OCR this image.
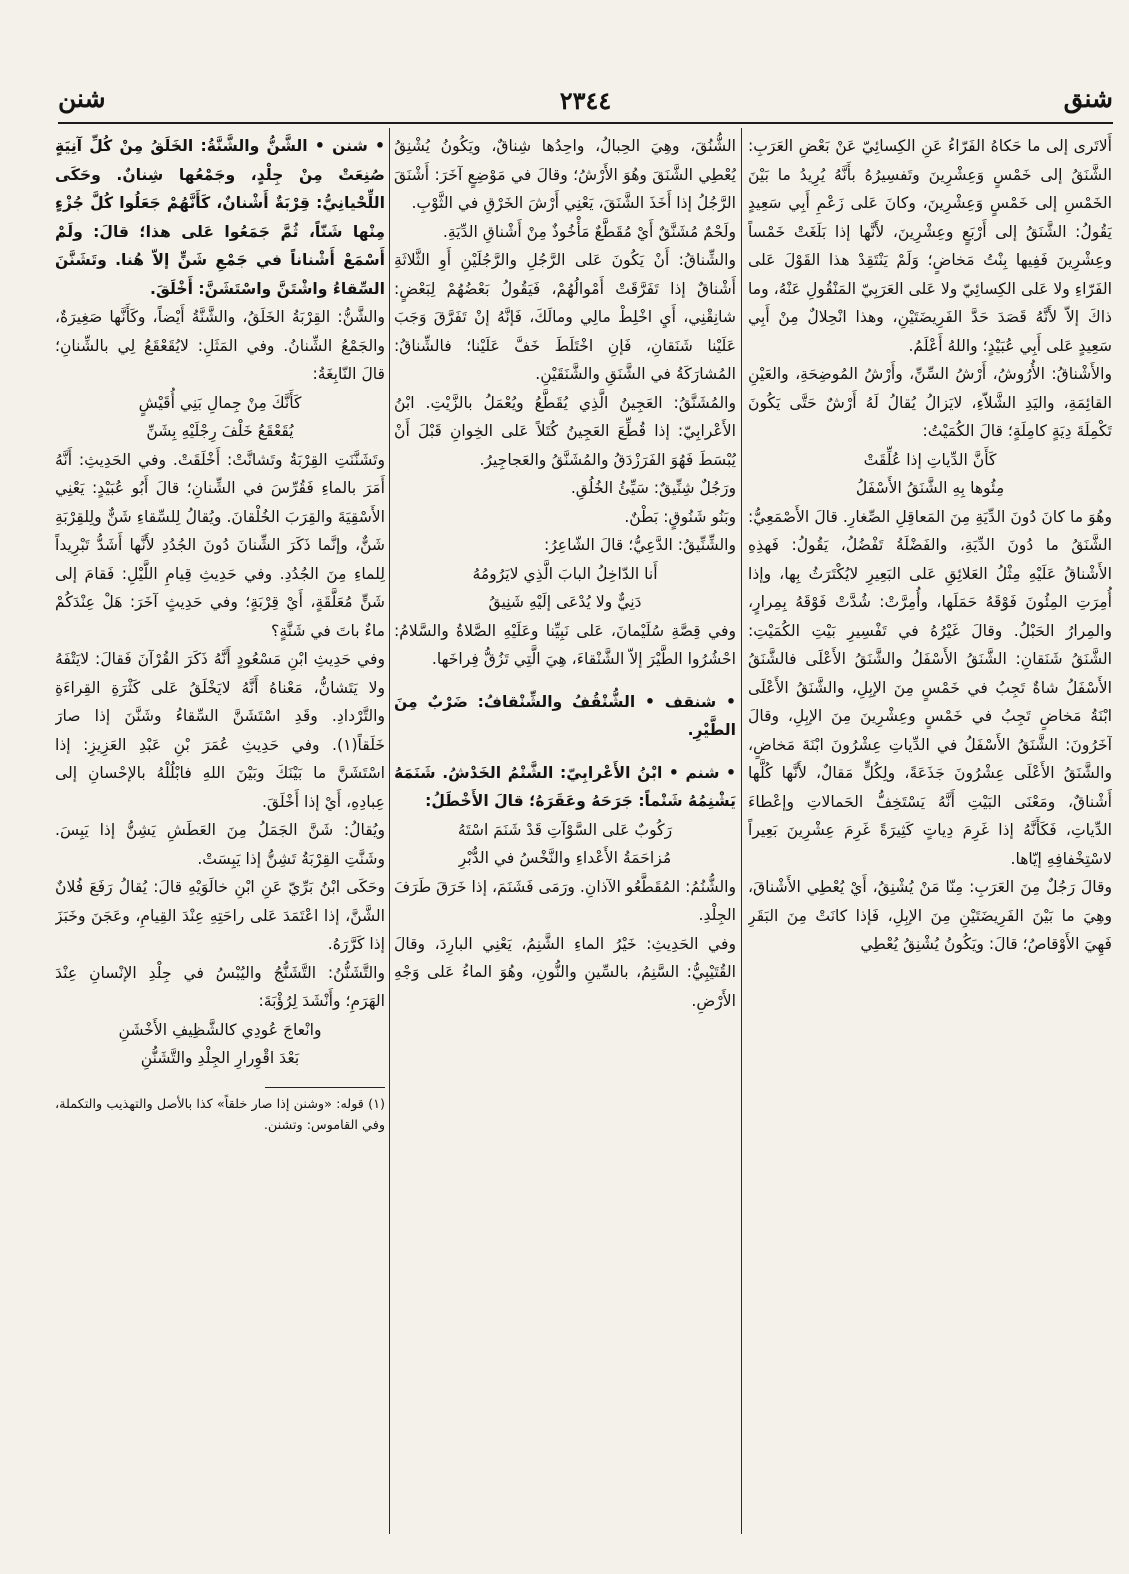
شنق
٢٣٤٤
شنن

أَلاتَرى إلى ما حَكاهُ الفَرّاءُ عَنِ الكِسائِيّ عَنْ بَعْضِ العَرَبِ: الشَّنَقُ إلى خَمْسٍ وَعِشْرِينَ وتَفسِيرُهُ بأَنَّهُ يُرِيدُ ما بَيْنَ الخَمْسِ إلى خَمْسٍ وَعِشْرِينَ، وكانَ عَلى زَعْمِ أَبِي سَعِيدٍ يَقُولُ: الشَّنَقُ إلى أَرْبَعٍ وعِشْرِينَ، لأَنَّها إذا بَلَغَتْ خَمْساً وعِشْرِينَ فَفِيها بِنْتُ مَخاضٍ؛ وَلَمْ يَنْتَقِدْ هذا القَوْلَ عَلى الفَرّاءِ ولا عَلى الكِسائِيّ ولا عَلى العَرَبِيّ المَنْقُولِ عَنْهُ، وما ذاكَ إلاّ لأَنَّهُ قَصَدَ حَدَّ الفَرِيضَتَيْنِ، وهذا انْحِلالٌ مِنْ أَبِي سَعِيدٍ عَلى أَبِي عُبَيْدٍ؛ واللهُ أَعْلَمُ.

والأَشْناقُ: الأُرُوشُ، أَرْشُ السِّنِّ، وأَرْشُ المُوضِحَةِ، والعَيْنِ القائِمَةِ، واليَدِ الشَّلاّءِ، لايَزالُ يُقالُ لَهُ أَرْشٌ حَتَّى يَكُونَ تَكْمِلَةَ دِيَةٍ كامِلَةٍ؛ قالَ الكُمَيْتُ:

كَأَنَّ الدِّياتِ إذا عُلِّقَتْ

مِئُوها بِهِ الشَّنَقُ الأَسْفَلُ

وهُوَ ما كانَ دُونَ الدِّيَةِ مِنَ المَعاقِلِ الصِّغارِ. قالَ الأَصْمَعِيُّ: الشَّنَقُ ما دُونَ الدِّيَةِ، والفَضْلَةُ تَفْضُلُ، يَقُولُ: فَهذِهِ الأَشْناقُ عَلَيْهِ مِثْلُ العَلائِقِ عَلى البَعِيرِ لايُكْتَرَثُ بِها، وإذا أُمِرَتِ المِئُونَ فَوْقَهُ حَمَلَها، وأُمِرَّتْ: شُدَّتْ فَوْقَهُ بِمِرارٍ، والمِرارُ الحَبْلُ. وقالَ غَيْرُهُ في تَفْسِيرِ بَيْتِ الكُمَيْتِ: الشَّنَقُ شَنَقانِ: الشَّنَقُ الأَسْفَلُ والشَّنَقُ الأَعْلَى فالشَّنَقُ الأَسْفَلُ شاةٌ تَجِبُ في خَمْسٍ مِنَ الإبِلِ، والشَّنَقُ الأَعْلَى ابْنَةُ مَخاضٍ تَجِبُ في خَمْسٍ وعِشْرِينَ مِنَ الإبِلِ، وقالَ آخَرُونَ: الشَّنَقُ الأَسْفَلُ في الدِّياتِ عِشْرُونَ ابْنَةَ مَخاضٍ، والشَّنَقُ الأَعْلَى عِشْرُونَ جَذَعَةً، ولِكُلٍّ مَقالٌ، لأَنَّها كُلَّها أَشْناقٌ، ومَعْنَى البَيْتِ أَنَّهُ يَسْتَخِفُّ الحَمالاتِ وإعْطاءَ الدِّياتِ، فَكَأَنَّهُ إذا غَرِمَ دِياتٍ كَثِيرَةً غَرِمَ عِشْرِينَ بَعِيراً لاسْتِخْفافِهِ إيّاها.

وقالَ رَجُلٌ مِنَ العَرَبِ: مِنّا مَنْ يُشْنِقُ، أَيْ يُعْطِي الأَشْناقَ، وهِيَ ما بَيْنَ الفَرِيضَتَيْنِ مِنَ الإبِلِ، فَإذا كانَتْ مِنَ البَقَرِ فَهِيَ الأَوْقاصُ؛ قالَ: ويَكُونُ يُشْنِقُ يُعْطِي

الشُّنُقَ، وهِيَ الحِبالُ، واحِدُها شِناقٌ، ويَكُونُ يُشْنِقُ يُعْطِي الشَّنَقَ وهُوَ الأَرْشُ؛ وقالَ في مَوْضِعٍ آخَرَ: أَشْنَقَ الرَّجُلُ إذا أَخَذَ الشَّنَقَ، يَعْنِي أَرْشَ الخَرْقِ في الثَّوْبِ.

ولَحْمٌ مُشَنَّقٌ أَيْ مُقَطَّعٌ مَأْخُوذٌ مِنْ أَشْناقِ الدِّيَةِ.

والشِّناقُ: أَنْ يَكُونَ عَلى الرَّجُلِ والرَّجُلَيْنِ أَوِ الثَّلاثَةِ أَشْناقٌ إذا تَفَرَّقَتْ أَمْوالُهُمْ، فَيَقُولُ بَعْضُهُمْ لِبَعْضٍ: شانِقْنِي، أَيِ اخْلِطْ مالِي ومالَكَ، فَإنَّهُ إنْ تَفَرَّقَ وَجَبَ عَلَيْنا شَنَقانِ، فَإنِ اخْتَلَطَ خَفَّ عَلَيْنا؛ فالشِّناقُ: المُشارَكَةُ في الشَّنَقِ والشَّنَقَيْنِ.

والمُشَنَّقُ: العَجِينُ الَّذِي يُقَطَّعُ ويُعْمَلُ بالزَّيْتِ. ابْنُ الأَعْرابِيّ: إذا قُطِّعَ العَجِينُ كُتَلاً عَلى الخِوانِ قَبْلَ أَنْ يُبْسَطَ فَهُوَ الفَرَزْدَقُ والمُشَنَّقُ والعَجاجِيرُ.

ورَجُلٌ شِنِّيقٌ: سَيِّئُ الخُلُقِ.

وبَنُو شَنُوقٍ: بَطْنٌ.

والشِّنِّيقُ: الدَّعِيُّ؛ قالَ الشّاعِرُ:

أَنا الدّاخِلُ البابَ الَّذِي لايَرُومُهُ

دَنِيٌّ ولا يُدْعَى إلَيْهِ شَنِيقُ

وفي قِصَّةِ سُلَيْمانَ، عَلى نَبِيِّنا وعَلَيْهِ الصَّلاةُ والسَّلامُ: احْشُرُوا الطَّيْرَ إلاّ الشَّنْقاءَ، هِيَ الَّتِي تَزُقُّ فِراخَها.

• شنقف • الشُّنْقُفُ والشِّنْقافُ: ضَرْبٌ مِنَ الطَّيْرِ.

• شنم • ابْنُ الأَعْرابِيّ: الشَّنْمُ الخَدْشُ. شَنَمَهُ يَشْنِمُهُ شَنْماً: جَرَحَهُ وعَقَرَهُ؛ قالَ الأَخْطَلُ:

رَكُوبٌ عَلى السَّوْآتِ قَدْ شَنَمَ اسْتَهُ

مُزاحَمَةُ الأَعْداءِ والنَّخْسُ في الدُّبْرِ

والشُّنُمُ: المُقَطَّعُو الآذانِ. ورَمَى فَشَنَمَ، إذا خَرَقَ طَرَفَ الجِلْدِ.

وفي الحَدِيثِ: خَيْرُ الماءِ الشَّنِمُ، يَعْنِي البارِدَ، وقالَ القُتَيْبِيُّ: السَّنِمُ، بالسِّينِ والنُّونِ، وهُوَ الماءُ عَلى وَجْهِ الأَرْضِ.

• شنن • الشَّنُّ والشَّنَّةُ: الخَلَقُ مِنْ كُلِّ آنِيَةٍ صُنِعَتْ مِنْ جِلْدٍ، وجَمْعُها شِنانٌ. وحَكَى اللِّحْيانِيُّ: قِرْبَةٌ أَشْنانٌ، كَأَنَّهُمْ جَعَلُوا كُلَّ جُزْءٍ مِنْها شَنّاً، ثُمَّ جَمَعُوا عَلى هذا؛ قالَ: ولَمْ أَسْمَعْ أَشْناناً في جَمْعِ شَنٍّ إلاّ هُنا. وتَشَنَّنَ السِّقاءُ واشْتَنَّ واسْتَشَنَّ: أَخْلَقَ.

والشَّنُّ: القِرْبَةُ الخَلَقُ، والشَّنَّةُ أَيْضاً، وكَأَنَّها صَغِيرَةٌ، والجَمْعُ الشِّنانُ. وفي المَثَلِ: لايُقَعْقَعُ لِي بالشِّنانِ؛ قالَ النّابِغَةُ:

كَأَنَّكَ مِنْ جِمالِ بَنِي أُقَيْشٍ

يُقَعْقَعُ خَلْفَ رِجْلَيْهِ بِشَنِّ

وتَشَنَّنَتِ القِرْبَةُ وتَشانَّتْ: أَخْلَقَتْ. وفي الحَدِيثِ: أَنَّهُ أَمَرَ بالماءِ فَقُرِّسَ في الشِّنانِ؛ قالَ أَبُو عُبَيْدٍ: يَعْنِي الأَسْقِيَةَ والقِرَبَ الخُلْقانَ. ويُقالُ لِلسِّقاءِ شَنٌّ ولِلقِرْبَةِ شَنٌّ، وإنَّما ذَكَرَ الشِّنانَ دُونَ الجُدُدِ لأَنَّها أَشَدُّ تَبْرِيداً لِلماءِ مِنَ الجُدُدِ. وفي حَدِيثِ قِيامِ اللَّيْلِ: فَقامَ إلى شَنٍّ مُعَلَّقَةٍ، أَيْ قِرْبَةٍ؛ وفي حَدِيثٍ آخَرَ: هَلْ عِنْدَكُمْ ماءٌ باتَ في شَنَّةٍ؟

وفي حَدِيثِ ابْنِ مَسْعُودٍ أَنَّهُ ذَكَرَ القُرْآنَ فَقالَ: لايَتْفَهُ ولا يَتَشانُّ، مَعْناهُ أَنَّهُ لايَخْلَقُ عَلى كَثْرَةِ القِراءَةِ والتَّرْدادِ. وقَدِ اسْتَشَنَّ السِّقاءُ وشَنَّنَ إذا صارَ خَلَقاً(١). وفي حَدِيثِ عُمَرَ بْنِ عَبْدِ العَزِيزِ: إذا اسْتَشَنَّ ما بَيْنَكَ وبَيْنَ اللهِ فابْلُلْهُ بالإحْسانِ إلى عِبادِهِ، أَيْ إذا أَخْلَقَ.

ويُقالُ: شَنَّ الجَمَلُ مِنَ العَطَشِ يَشِنُّ إذا يَبِسَ. وشَنَّتِ القِرْبَةُ تَشِنُّ إذا يَبِسَتْ.

وحَكَى ابْنُ بَرِّيّ عَنِ ابْنِ خالَوَيْهِ قالَ: يُقالُ رَفَعَ فُلانٌ الشَّنَّ، إذا اعْتَمَدَ عَلى راحَتِهِ عِنْدَ القِيامِ، وعَجَنَ وخَبَزَ إذا كَرَّرَهُ.

والتَّشَنُّنُ: التَّشَنُّجُ واليُبْسُ في جِلْدِ الإنْسانِ عِنْدَ الهَرَمِ؛ وأَنْشَدَ لِرُؤْبَةَ:

وانْعاجَ عُودِي كالشَّظِيفِ الأَخْشَنِ

بَعْدَ اقْوِرارِ الجِلْدِ والتَّشَنُّنِ

(١) قوله: «وشنن إذا صار خلقاً» كذا بالأصل والتهذيب والتكملة، وفي القاموس: وتشنن.
